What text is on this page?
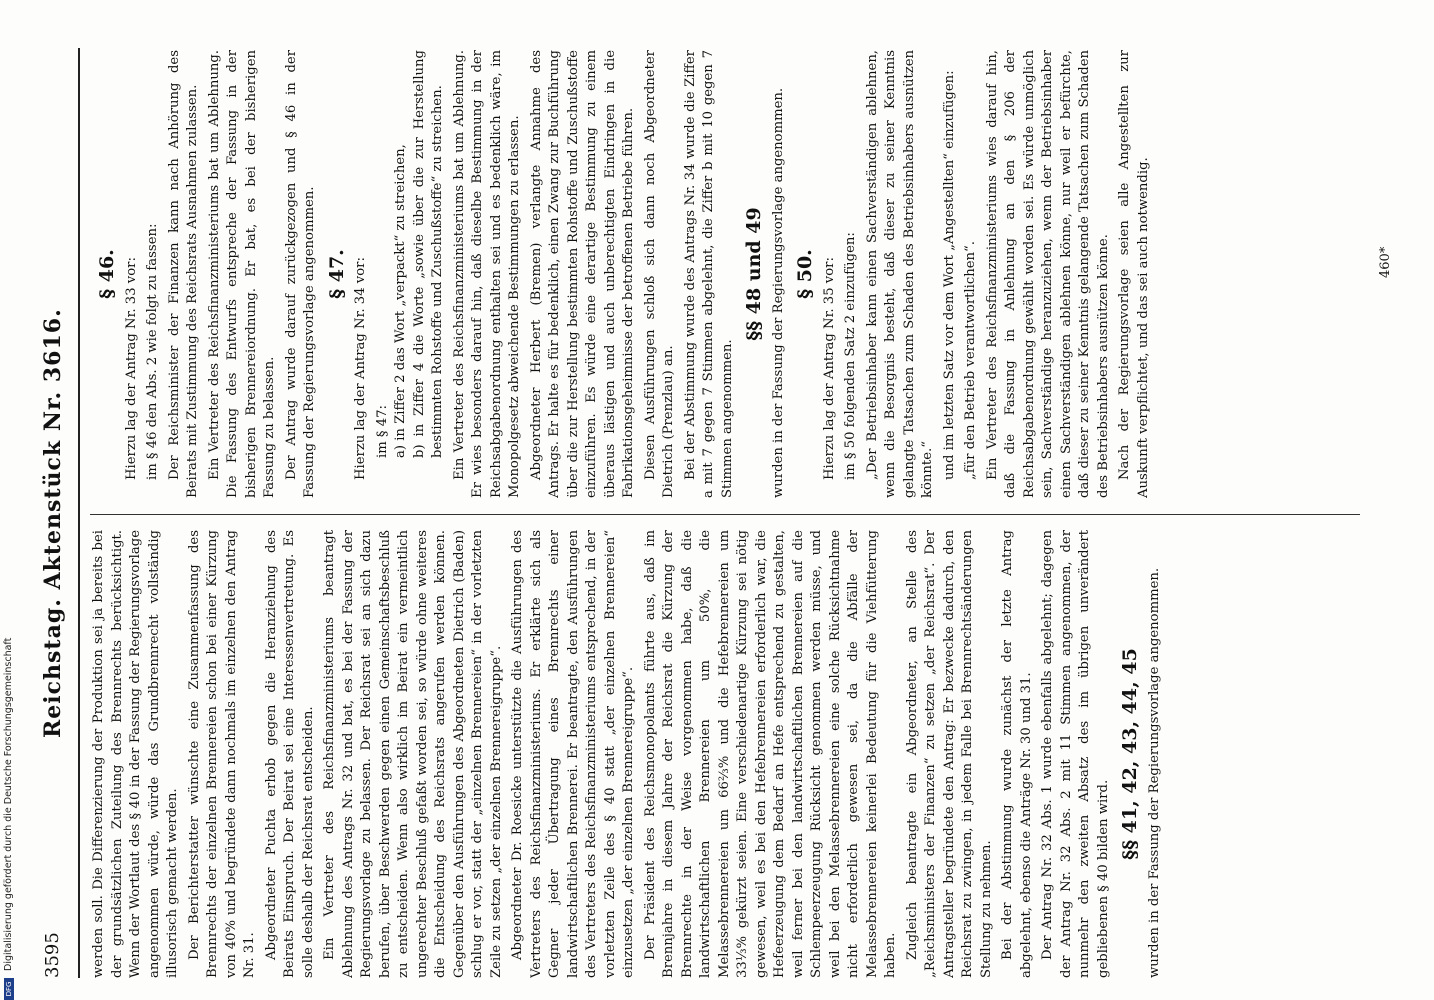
3595
Reichstag. Aktenstück Nr. 3616.

werden soll. Die Differenzierung der Produktion sei ja bereits bei der grundsätzlichen Zuteilung des Brennrechts berücksichtigt. Wenn der Wortlaut des § 40 in der Fassung der Regierungsvorlage angenommen würde, würde das Grundbrennrecht vollständig illusorisch gemacht werden. Der Berichterstatter wünschte eine Zusammenfassung des Brennrechts der einzelnen Brennereien schon bei einer Kürzung von 40% und begründete dann nochmals im einzelnen den Antrag Nr. 31. Abgeordneter Puchta erhob gegen die Heranziehung des Beirats Einspruch. Der Beirat sei eine Interessenvertretung. Es solle deshalb der Reichsrat entscheiden. Ein Vertreter des Reichsfinanzministeriums beantragt Ablehnung des Antrags Nr. 32 und bat, es bei der Fassung der Regierungsvorlage zu belassen. Der Reichsrat sei an sich dazu berufen, über Beschwerden gegen einen Gemeinschaftsbeschluß zu entscheiden. Wenn also wirklich im Beirat ein vermeintlich ungerechter Beschluß gefaßt worden sei, so würde ohne weiteres die Entscheidung des Reichsrats angerufen werden können. Gegenüber den Ausführungen des Abgeordneten Dietrich (Baden) schlug er vor, statt der „einzelnen Brennereien“ in der vorletzten Zeile zu setzen „der einzelnen Brennereigruppe“. Abgeordneter Dr. Roesicke unterstützte die Ausführungen des Vertreters des Reichsfinanzministeriums. Er erklärte sich als Gegner jeder Übertragung eines Brennrechts einer landwirtschaftlichen Brennerei. Er beantragte, den Ausführungen des Vertreters des Reichsfinanzministeriums entsprechend, in der vorletzten Zeile des § 40 statt „der einzelnen Brennereien“ einzusetzen „der einzelnen Brennereigruppe“. Der Präsident des Reichsmonopolamts führte aus, daß im Brennjahre in diesem Jahre der Reichsrat die Kürzung der Brennrechte in der Weise vorgenommen habe, daß die landwirtschaftlichen Brennereien um 50%, die Melassebrennereien um 66⅔% und die Hefebrennereien um 33⅓% gekürzt seien. Eine verschiedenartige Kürzung sei nötig gewesen, weil es bei den Hefebrennereien erforderlich war, die Hefeerzeugung dem Bedarf an Hefe entsprechend zu gestalten, weil ferner bei den landwirtschaftlichen Brennereien auf die Schlempeerzeugung Rücksicht genommen werden müsse, und weil bei den Melassebrennereien eine solche Rücksichtnahme nicht erforderlich gewesen sei, da die Abfälle der Melassebrennereien keinerlei Bedeutung für die Viehfütterung haben. Zugleich beantragte ein Abgeordneter, an Stelle des „Reichsministers der Finanzen“ zu setzen „der Reichsrat“. Der Antragsteller begründete den Antrag: Er bezwecke dadurch, den Reichsrat zu zwingen, in jedem Falle bei Brennrechtsänderungen Stellung zu nehmen. Bei der Abstimmung wurde zunächst der letzte Antrag abgelehnt, ebenso die Anträge Nr. 30 und 31. Der Antrag Nr. 32 Abs. 1 wurde ebenfalls abgelehnt; dagegen der Antrag Nr. 32 Abs. 2 mit 11 Stimmen angenommen, der nunmehr den zweiten Absatz des im übrigen unverändert gebliebenen § 40 bilden wird.

§§ 41, 42, 43, 44, 45 wurden in der Fassung der Regierungsvorlage angenommen.

§ 46. Hierzu lag der Antrag Nr. 33 vor: im § 46 den Abs. 2 wie folgt zu fassen: Der Reichsminister der Finanzen kann nach Anhörung des Beirats mit Zustimmung des Reichsrats Ausnahmen zulassen. Ein Vertreter des Reichsfinanzministeriums bat um Ablehnung. Die Fassung des Entwurfs entspreche der Fassung in der bisherigen Brennereiordnung. Er bat, es bei der bisherigen Fassung zu belassen. Der Antrag wurde darauf zurückgezogen und § 46 in der Fassung der Regierungsvorlage angenommen. § 47. Hierzu lag der Antrag Nr. 34 vor: im § 47: a) in Ziffer 2 das Wort „verpackt“ zu streichen, b) in Ziffer 4 die Worte „sowie über die zur Herstellung bestimmten Rohstoffe und Zuschußstoffe“ zu streichen. Ein Vertreter des Reichsfinanzministeriums bat um Ablehnung. Er wies besonders darauf hin, daß dieselbe Bestimmung in der Reichsabgabenordnung enthalten sei und es bedenklich wäre, im Monopolgesetz abweichende Bestimmungen zu erlassen. Abgeordneter Herbert (Bremen) verlangte Annahme des Antrags. Er halte es für bedenklich, einen Zwang zur Buchführung über die zur Herstellung bestimmten Rohstoffe und Zuschußstoffe einzuführen. Es würde eine derartige Bestimmung zu einem überaus lästigen und auch unberechtigten Eindringen in die Fabrikationsgeheimnisse der betroffenen Betriebe führen. Diesen Ausführungen schloß sich dann noch Abgeordneter Dietrich (Prenzlau) an. Bei der Abstimmung wurde des Antrags Nr. 34 wurde die Ziffer a mit 7 gegen 7 Stimmen abgelehnt, die Ziffer b mit 10 gegen 7 Stimmen angenommen.

§§ 48 und 49 wurden in der Fassung der Regierungsvorlage angenommen. § 50. Hierzu lag der Antrag Nr. 35 vor: im § 50 folgenden Satz 2 einzufügen: „Der Betriebsinhaber kann einen Sachverständigen ablehnen, wenn die Besorgnis besteht, daß dieser zu seiner Kenntnis gelangte Tatsachen zum Schaden des Betriebsinhabers ausnützen könnte.“ und im letzten Satz vor dem Wort „Angestellten“ einzufügen: „für den Betrieb verantwortlichen“. Ein Vertreter des Reichsfinanzministeriums wies darauf hin, daß die Fassung in Anlehnung an den § 206 der Reichsabgabenordnung gewählt worden sei. Es würde unmöglich sein, Sachverständige heranzuziehen, wenn der Betriebsinhaber einen Sachverständigen ablehnen könne, nur weil er befürchte, daß dieser zu seiner Kenntnis gelangende Tatsachen zum Schaden des Betriebsinhabers ausnützen könne. Nach der Regierungsvorlage seien alle Angestellten zur Auskunft verpflichtet, und das sei auch notwendig.	460*
DFG Digitalisierung gefördert durch die Deutsche Forschungsgemeinschaft
